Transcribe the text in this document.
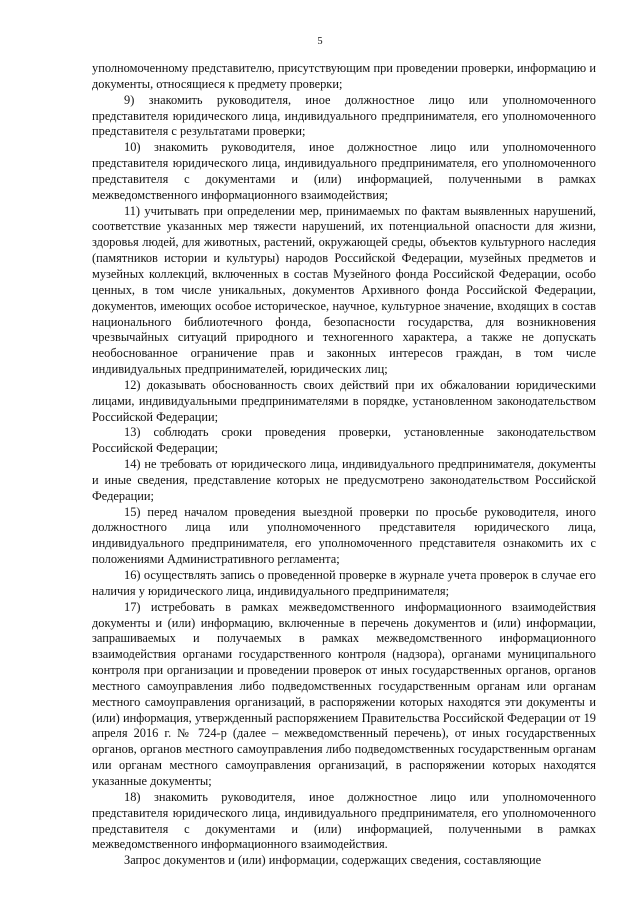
5

уполномоченному представителю, присутствующим при проведении проверки, информацию и документы, относящиеся к предмету проверки;

9) знакомить руководителя, иное должностное лицо или уполномоченного представителя юридического лица, индивидуального предпринимателя, его уполномоченного представителя с результатами проверки;

10) знакомить руководителя, иное должностное лицо или уполномоченного представителя юридического лица, индивидуального предпринимателя, его уполномоченного представителя с документами и (или) информацией, полученными в рамках межведомственного информационного взаимодействия;

11) учитывать при определении мер, принимаемых по фактам выявленных нарушений, соответствие указанных мер тяжести нарушений, их потенциальной опасности для жизни, здоровья людей, для животных, растений, окружающей среды, объектов культурного наследия (памятников истории и культуры) народов Российской Федерации, музейных предметов и музейных коллекций, включенных в состав Музейного фонда Российской Федерации, особо ценных, в том числе уникальных, документов Архивного фонда Российской Федерации, документов, имеющих особое историческое, научное, культурное значение, входящих в состав национального библиотечного фонда, безопасности государства, для возникновения чрезвычайных ситуаций природного и техногенного характера, а также не допускать необоснованное ограничение прав и законных интересов граждан, в том числе индивидуальных предпринимателей, юридических лиц;

12) доказывать обоснованность своих действий при их обжаловании юридическими лицами, индивидуальными предпринимателями в порядке, установленном законодательством Российской Федерации;

13) соблюдать сроки проведения проверки, установленные законодательством Российской Федерации;

14) не требовать от юридического лица, индивидуального предпринимателя, документы и иные сведения, представление которых не предусмотрено законодательством Российской Федерации;

15) перед началом проведения выездной проверки по просьбе руководителя, иного должностного лица или уполномоченного представителя юридического лица, индивидуального предпринимателя, его уполномоченного представителя ознакомить их с положениями Административного регламента;

16) осуществлять запись о проведенной проверке в журнале учета проверок в случае его наличия у юридического лица, индивидуального предпринимателя;

17) истребовать в рамках межведомственного информационного взаимодействия документы и (или) информацию, включенные в перечень документов и (или) информации, запрашиваемых и получаемых в рамках межведомственного информационного взаимодействия органами государственного контроля (надзора), органами муниципального контроля при организации и проведении проверок от иных государственных органов, органов местного самоуправления либо подведомственных государственным органам или органам местного самоуправления организаций, в распоряжении которых находятся эти документы и (или) информация, утвержденный распоряжением Правительства Российской Федерации от 19 апреля 2016 г. № 724-р (далее – межведомственный перечень), от иных государственных органов, органов местного самоуправления либо подведомственных государственным органам или органам местного самоуправления организаций, в распоряжении которых находятся указанные документы;

18) знакомить руководителя, иное должностное лицо или уполномоченного представителя юридического лица, индивидуального предпринимателя, его уполномоченного представителя с документами и (или) информацией, полученными в рамках межведомственного информационного взаимодействия.

Запрос документов и (или) информации, содержащих сведения, составляющие
